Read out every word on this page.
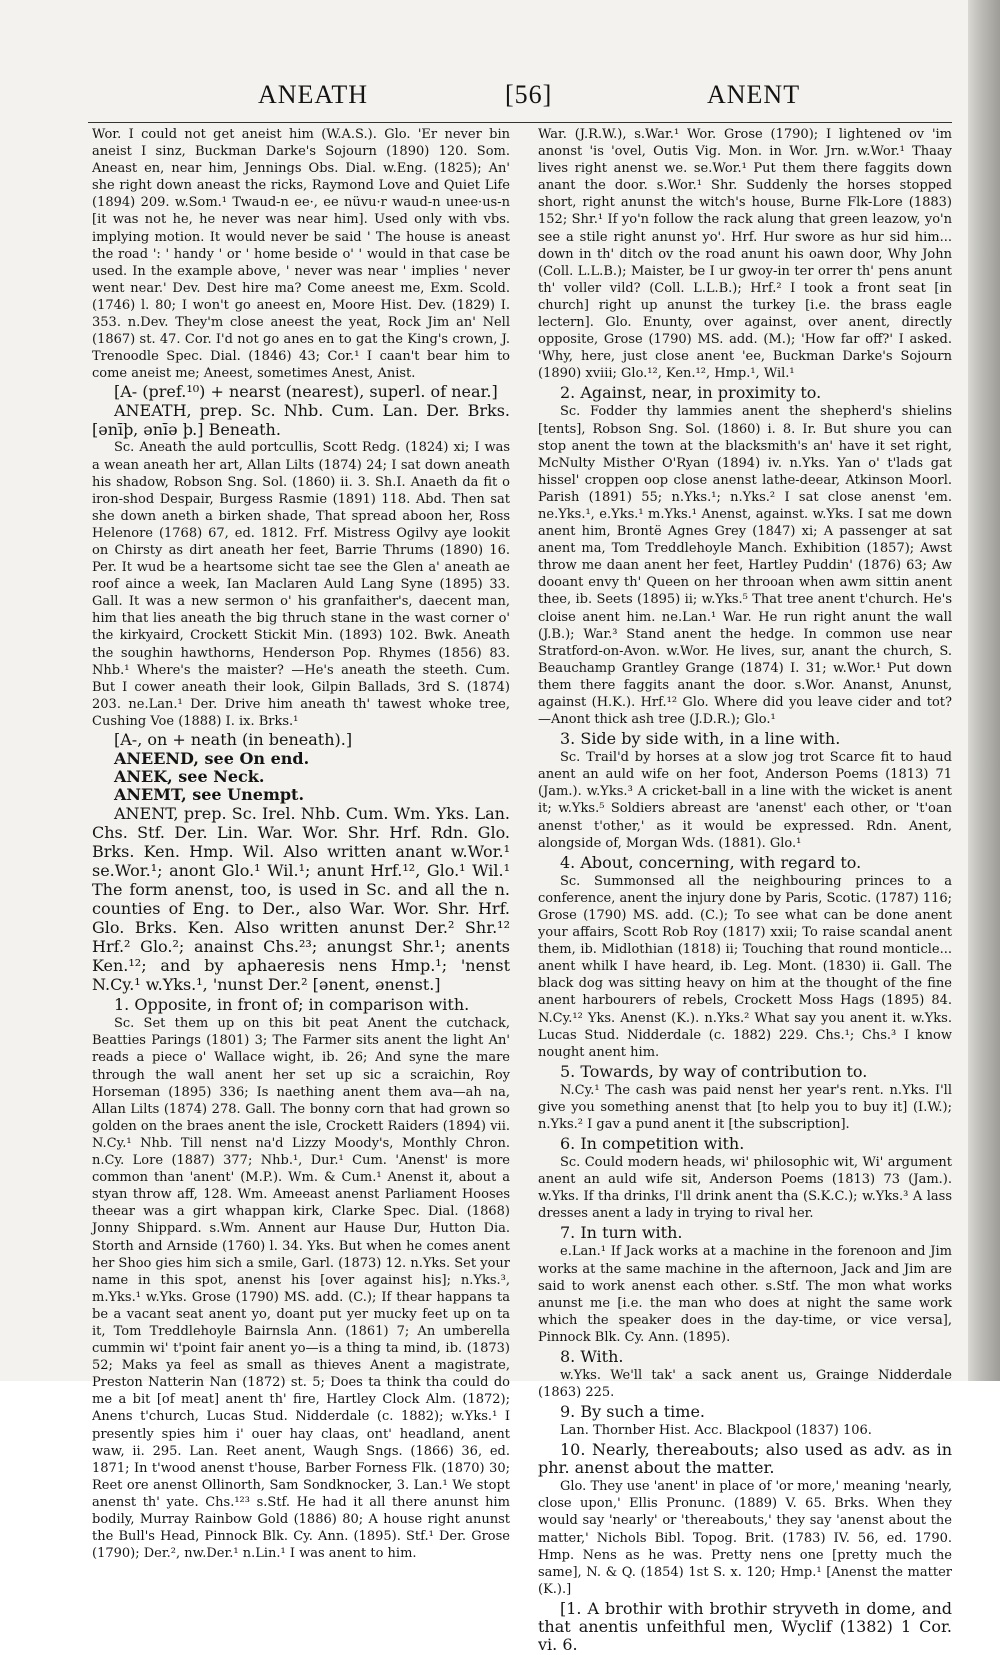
ANEATH	[56]	ANENT

Wor. I could not get aneist him (W.A.S.). Glo. 'Er never bin aneist I sinz, Buckman Darke's Sojourn (1890) 120. Som. Aneast en, near him, Jennings Obs. Dial. w.Eng. (1825); An' she right down aneast the ricks, Raymond Love and Quiet Life (1894) 209. w.Som.¹ Twaud-n ee·, ee nüvu·r waud-n unee·us-n [it was not he, he never was near him]. Used only with vbs. implying motion. It would never be said ' The house is aneast the road ': ' handy ' or ' home beside o' ' would in that case be used. In the example above, ' never was near ' implies ' never went near.' Dev. Dest hire ma? Come aneest me, Exm. Scold. (1746) l. 80; I won't go aneest en, Moore Hist. Dev. (1829) I. 353. n.Dev. They'm close aneest the yeat, Rock Jim an' Nell (1867) st. 47. Cor. I'd not go anes en to gat the King's crown, J. Trenoodle Spec. Dial. (1846) 43; Cor.¹ I caan't bear him to come aneist me; Aneest, sometimes Anest, Anist.

[A- (pref.¹⁰) + nearst (nearest), superl. of near.]

ANEATH, prep. Sc. Nhb. Cum. Lan. Der. Brks. [ənīþ, ənīə þ.] Beneath.

Sc. Aneath the auld portcullis, Scott Redg. (1824) xi; I was a wean aneath her art, Allan Lilts (1874) 24; I sat down aneath his shadow, Robson Sng. Sol. (1860) ii. 3. Sh.I. Anaeth da fit o iron-shod Despair, Burgess Rasmie (1891) 118. Abd. Then sat she down aneth a birken shade, That spread aboon her, Ross Helenore (1768) 67, ed. 1812. Frf. Mistress Ogilvy aye lookit on Chirsty as dirt aneath her feet, Barrie Thrums (1890) 16. Per. It wud be a heartsome sicht tae see the Glen a' aneath ae roof aince a week, Ian Maclaren Auld Lang Syne (1895) 33. Gall. It was a new sermon o' his granfaither's, daecent man, him that lies aneath the big thruch stane in the wast corner o' the kirkyaird, Crockett Stickit Min. (1893) 102. Bwk. Aneath the soughin hawthorns, Henderson Pop. Rhymes (1856) 83. Nhb.¹ Where's the maister? —He's aneath the steeth. Cum. But I cower aneath their look, Gilpin Ballads, 3rd S. (1874) 203. ne.Lan.¹ Der. Drive him aneath th' tawest whoke tree, Cushing Voe (1888) I. ix. Brks.¹

[A-, on + neath (in beneath).]

ANEEND, see On end.

ANEK, see Neck.

ANEMT, see Unempt.

ANENT, prep. Sc. Irel. Nhb. Cum. Wm. Yks. Lan. Chs. Stf. Der. Lin. War. Wor. Shr. Hrf. Rdn. Glo. Brks. Ken. Hmp. Wil. Also written anant w.Wor.¹ se.Wor.¹; anont Glo.¹ Wil.¹; anunt Hrf.¹², Glo.¹ Wil.¹ The form anenst, too, is used in Sc. and all the n. counties of Eng. to Der., also War. Wor. Shr. Hrf. Glo. Brks. Ken. Also written anunst Der.² Shr.¹² Hrf.² Glo.²; anainst Chs.²³; anungst Shr.¹; anents Ken.¹²; and by aphaeresis nens Hmp.¹; 'nenst N.Cy.¹ w.Yks.¹, 'nunst Der.² [ənent, ənenst.]

1. Opposite, in front of; in comparison with.

Sc. Set them up on this bit peat Anent the cutchack, Beatties Parings (1801) 3; The Farmer sits anent the light An' reads a piece o' Wallace wight, ib. 26; And syne the mare through the wall anent her set up sic a scraichin, Roy Horseman (1895) 336; Is naething anent them ava—ah na, Allan Lilts (1874) 278. Gall. The bonny corn that had grown so golden on the braes anent the isle, Crockett Raiders (1894) vii. N.Cy.¹ Nhb. Till nenst na'd Lizzy Moody's, Monthly Chron. n.Cy. Lore (1887) 377; Nhb.¹, Dur.¹ Cum. 'Anenst' is more common than 'anent' (M.P.). Wm. & Cum.¹ Anenst it, about a styan throw aff, 128. Wm. Ameeast anenst Parliament Hooses theear was a girt whappan kirk, Clarke Spec. Dial. (1868) Jonny Shippard. s.Wm. Annent aur Hause Dur, Hutton Dia. Storth and Arnside (1760) l. 34. Yks. But when he comes anent her Shoo gies him sich a smile, Garl. (1873) 12. n.Yks. Set your name in this spot, anenst his [over against his]; n.Yks.³, m.Yks.¹ w.Yks. Grose (1790) MS. add. (C.); If thear happans ta be a vacant seat anent yo, doant put yer mucky feet up on ta it, Tom Treddlehoyle Bairnsla Ann. (1861) 7; An umberella cummin wi' t'point fair anent yo—is a thing ta mind, ib. (1873) 52; Maks ya feel as small as thieves Anent a magistrate, Preston Natterin Nan (1872) st. 5; Does ta think tha could do me a bit [of meat] anent th' fire, Hartley Clock Alm. (1872); Anens t'church, Lucas Stud. Nidderdale (c. 1882); w.Yks.¹ I presently spies him i' ouer hay claas, ont' headland, anent waw, ii. 295. Lan. Reet anent, Waugh Sngs. (1866) 36, ed. 1871; In t'wood anenst t'house, Barber Forness Flk. (1870) 30; Reet ore anenst Ollinorth, Sam Sondknocker, 3. Lan.¹ We stopt anenst th' yate. Chs.¹²³ s.Stf. He had it all there anunst him bodily, Murray Rainbow Gold (1886) 80; A house right anunst the Bull's Head, Pinnock Blk. Cy. Ann. (1895). Stf.¹ Der. Grose (1790); Der.², nw.Der.¹ n.Lin.¹ I was anent to him.

War. (J.R.W.), s.War.¹ Wor. Grose (1790); I lightened ov 'im anonst 'is 'ovel, Outis Vig. Mon. in Wor. Jrn. w.Wor.¹ Thaay lives right anenst we. se.Wor.¹ Put them there faggits down anant the door. s.Wor.¹ Shr. Suddenly the horses stopped short, right anunst the witch's house, Burne Flk-Lore (1883) 152; Shr.¹ If yo'n follow the rack alung that green leazow, yo'n see a stile right anunst yo'. Hrf. Hur swore as hur sid him... down in th' ditch ov the road anunt his oawn door, Why John (Coll. L.L.B.); Maister, be I ur gwoy-in ter orrer th' pens anunt th' voller vild? (Coll. L.L.B.); Hrf.² I took a front seat [in church] right up anunst the turkey [i.e. the brass eagle lectern]. Glo. Enunty, over against, over anent, directly opposite, Grose (1790) MS. add. (M.); 'How far off?' I asked. 'Why, here, just close anent 'ee, Buckman Darke's Sojourn (1890) xviii; Glo.¹², Ken.¹², Hmp.¹, Wil.¹

2. Against, near, in proximity to.

Sc. Fodder thy lammies anent the shepherd's shielins [tents], Robson Sng. Sol. (1860) i. 8. Ir. But shure you can stop anent the town at the blacksmith's an' have it set right, McNulty Misther O'Ryan (1894) iv. n.Yks. Yan o' t'lads gat hissel' croppen oop close anenst lathe-deear, Atkinson Moorl. Parish (1891) 55; n.Yks.¹; n.Yks.² I sat close anenst 'em. ne.Yks.¹, e.Yks.¹ m.Yks.¹ Anenst, against. w.Yks. I sat me down anent him, Brontë Agnes Grey (1847) xi; A passenger at sat anent ma, Tom Treddlehoyle Manch. Exhibition (1857); Awst throw me daan anent her feet, Hartley Puddin' (1876) 63; Aw dooant envy th' Queen on her throoan when awm sittin anent thee, ib. Seets (1895) ii; w.Yks.⁵ That tree anent t'church. He's cloise anent him. ne.Lan.¹ War. He run right anunt the wall (J.B.); War.³ Stand anent the hedge. In common use near Stratford-on-Avon. w.Wor. He lives, sur, anant the church, S. Beauchamp Grantley Grange (1874) I. 31; w.Wor.¹ Put down them there faggits anant the door. s.Wor. Ananst, Anunst, against (H.K.). Hrf.¹² Glo. Where did you leave cider and tot?—Anont thick ash tree (J.D.R.); Glo.¹

3. Side by side with, in a line with.

Sc. Trail'd by horses at a slow jog trot Scarce fit to haud anent an auld wife on her foot, Anderson Poems (1813) 71 (Jam.). w.Yks.³ A cricket-ball in a line with the wicket is anent it; w.Yks.⁵ Soldiers abreast are 'anenst' each other, or 't'oan anenst t'other,' as it would be expressed. Rdn. Anent, alongside of, Morgan Wds. (1881). Glo.¹

4. About, concerning, with regard to.

Sc. Summonsed all the neighbouring princes to a conference, anent the injury done by Paris, Scotic. (1787) 116; Grose (1790) MS. add. (C.); To see what can be done anent your affairs, Scott Rob Roy (1817) xxii; To raise scandal anent them, ib. Midlothian (1818) ii; Touching that round monticle... anent whilk I have heard, ib. Leg. Mont. (1830) ii. Gall. The black dog was sitting heavy on him at the thought of the fine anent harbourers of rebels, Crockett Moss Hags (1895) 84. N.Cy.¹² Yks. Anenst (K.). n.Yks.² What say you anent it. w.Yks. Lucas Stud. Nidderdale (c. 1882) 229. Chs.¹; Chs.³ I know nought anent him.

5. Towards, by way of contribution to.

N.Cy.¹ The cash was paid nenst her year's rent. n.Yks. I'll give you something anenst that [to help you to buy it] (I.W.); n.Yks.² I gav a pund anent it [the subscription].

6. In competition with.

Sc. Could modern heads, wi' philosophic wit, Wi' argument anent an auld wife sit, Anderson Poems (1813) 73 (Jam.). w.Yks. If tha drinks, I'll drink anent tha (S.K.C.); w.Yks.³ A lass dresses anent a lady in trying to rival her.

7. In turn with.

e.Lan.¹ If Jack works at a machine in the forenoon and Jim works at the same machine in the afternoon, Jack and Jim are said to work anenst each other. s.Stf. The mon what works anunst me [i.e. the man who does at night the same work which the speaker does in the day-time, or vice versa], Pinnock Blk. Cy. Ann. (1895).

8. With.

w.Yks. We'll tak' a sack anent us, Grainge Nidderdale (1863) 225.

9. By such a time.

Lan. Thornber Hist. Acc. Blackpool (1837) 106.

10. Nearly, thereabouts; also used as adv. as in phr. anenst about the matter.

Glo. They use 'anent' in place of 'or more,' meaning 'nearly, close upon,' Ellis Pronunc. (1889) V. 65. Brks. When they would say 'nearly' or 'thereabouts,' they say 'anenst about the matter,' Nichols Bibl. Topog. Brit. (1783) IV. 56, ed. 1790. Hmp. Nens as he was. Pretty nens one [pretty much the same], N. & Q. (1854) 1st S. x. 120; Hmp.¹ [Anenst the matter (K.).]

[1. A brothir with brothir stryveth in dome, and that anentis unfeithful men, Wyclif (1382) 1 Cor. vi. 6.
